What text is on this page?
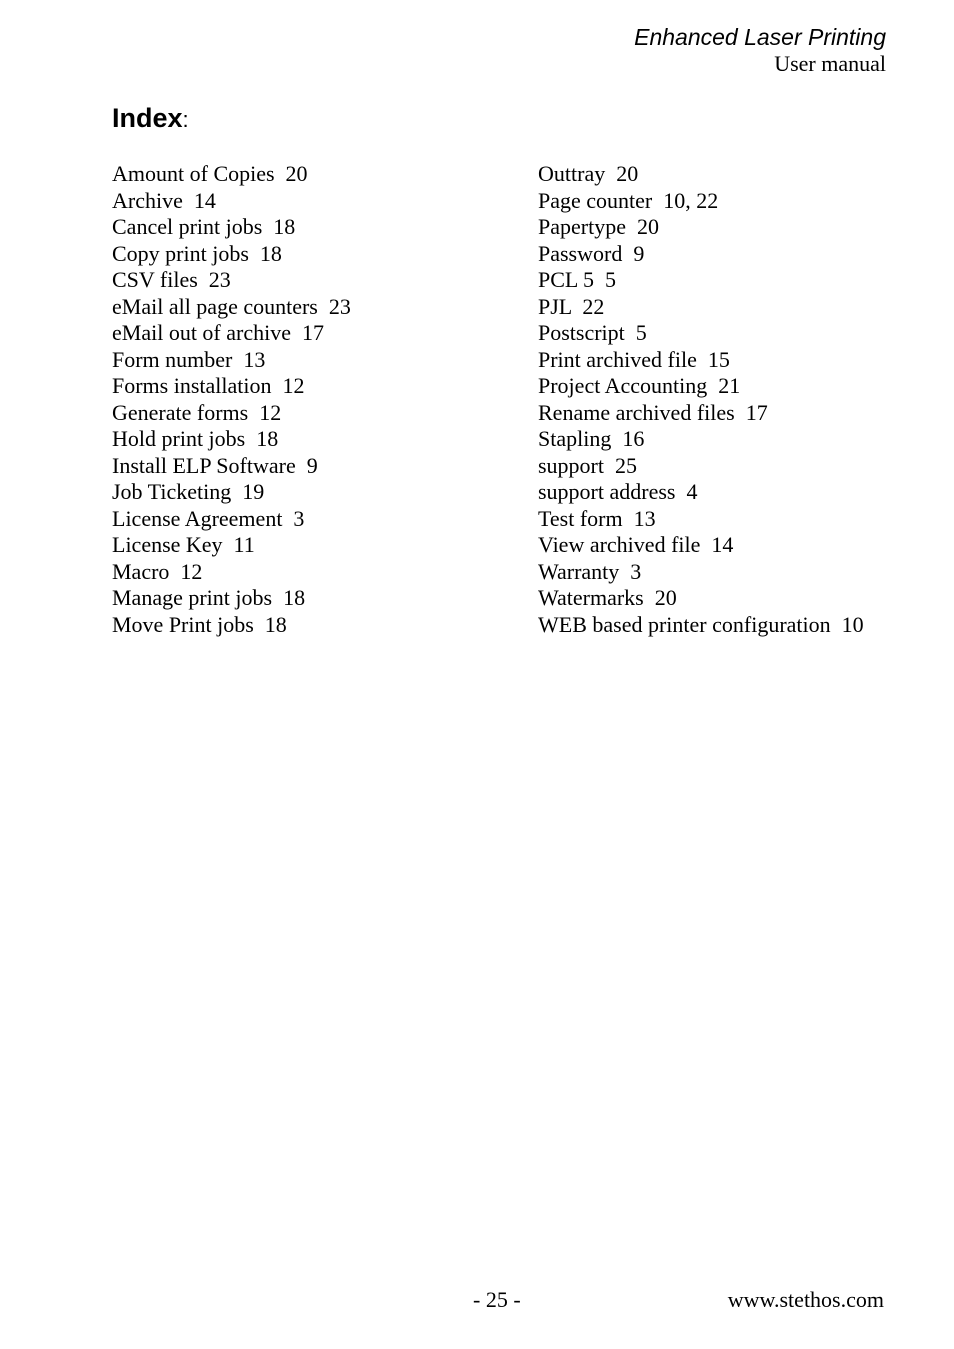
Enhanced Laser Printing
User manual
Index:
Amount of Copies  20
Archive  14
Cancel print jobs  18
Copy print jobs  18
CSV files  23
eMail all page counters  23
eMail out of archive  17
Form number  13
Forms installation  12
Generate forms  12
Hold print jobs  18
Install ELP Software  9
Job Ticketing  19
License Agreement  3
License Key  11
Macro  12
Manage print jobs  18
Move Print jobs  18
Outtray  20
Page counter  10, 22
Papertype  20
Password  9
PCL 5  5
PJL  22
Postscript  5
Print archived file  15
Project Accounting  21
Rename archived files  17
Stapling  16
support  25
support address  4
Test form  13
View archived file  14
Warranty  3
Watermarks  20
WEB based printer configuration  10
- 25 -	www.stethos.com
